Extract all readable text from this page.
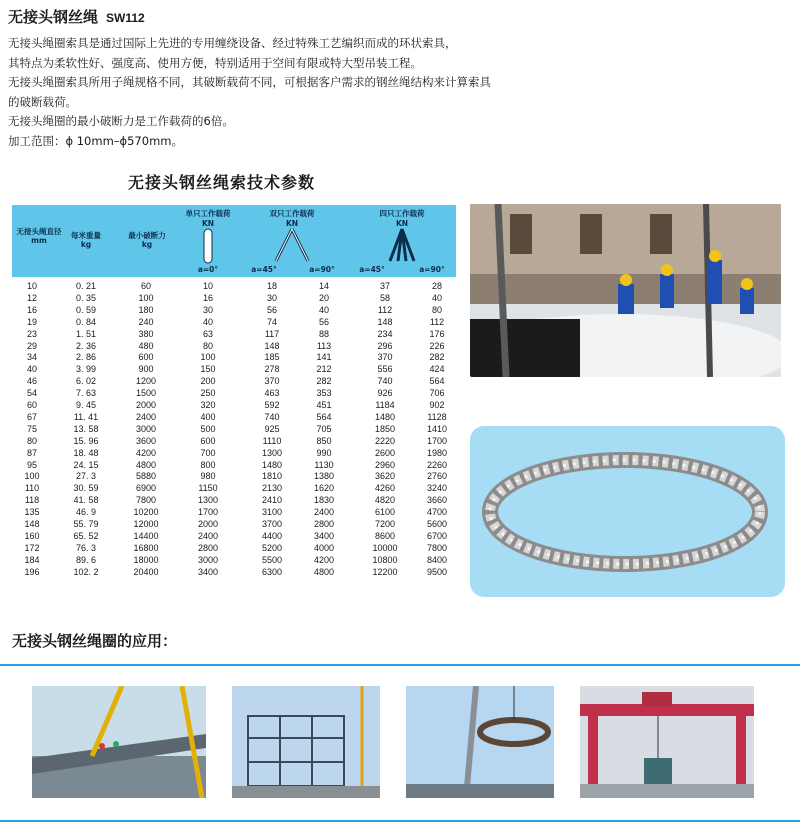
无接头钢丝绳 SW112

无接头绳圈索具是通过国际上先进的专用缠绕设备、经过特殊工艺编织而成的环状索具，

其特点为柔软性好、强度高、使用方便，特别适用于空间有限或特大型吊装工程。

无接头绳圈索具所用子绳规格不同，其破断载荷不同，可根据客户需求的钢丝绳结构来计算索具

的破断载荷。

无接头绳圈的最小破断力是工作载荷的6倍。

加工范围：ϕ 10mm–ϕ570mm。

无接头钢丝绳索技术参数
无接头绳直径 mm
每米重量 kg
最小破断力 kg
单只工作载荷
KN
a=0°
双只工作载荷
KN
a=45°	a=90°
四只工作载荷
KN
a=45°	a=90°
10	0. 21	60	10	18	14	37	28
12	0. 35	100	16	30	20	58	40
16	0. 59	180	30	56	40	112	80
19	0. 84	240	40	74	56	148	112
23	1. 51	380	63	117	88	234	176
29	2. 36	480	80	148	113	296	226
34	2. 86	600	100	185	141	370	282
40	3. 99	900	150	278	212	556	424
46	6. 02	1200	200	370	282	740	564
54	7. 63	1500	250	463	353	926	706
60	9. 45	2000	320	592	451	1184	902
67	11. 41	2400	400	740	564	1480	1128
75	13. 58	3000	500	925	705	1850	1410
80	15. 96	3600	600	1110	850	2220	1700
87	18. 48	4200	700	1300	990	2600	1980
95	24. 15	4800	800	1480	1130	2960	2260
100	27. 3	5880	980	1810	1380	3620	2760
110	30. 59	6900	1150	2130	1620	4260	3240
118	41. 58	7800	1300	2410	1830	4820	3660
135	46. 9	10200	1700	3100	2400	6100	4700
148	55. 79	12000	2000	3700	2800	7200	5600
160	65. 52	14400	2400	4400	3400	8600	6700
172	76. 3	16800	2800	5200	4000	10000	7800
184	89. 6	18000	3000	5500	4200	10800	8400
196	102. 2	20400	3400	6300	4800	12200	9500
无接头钢丝绳圈的应用：
